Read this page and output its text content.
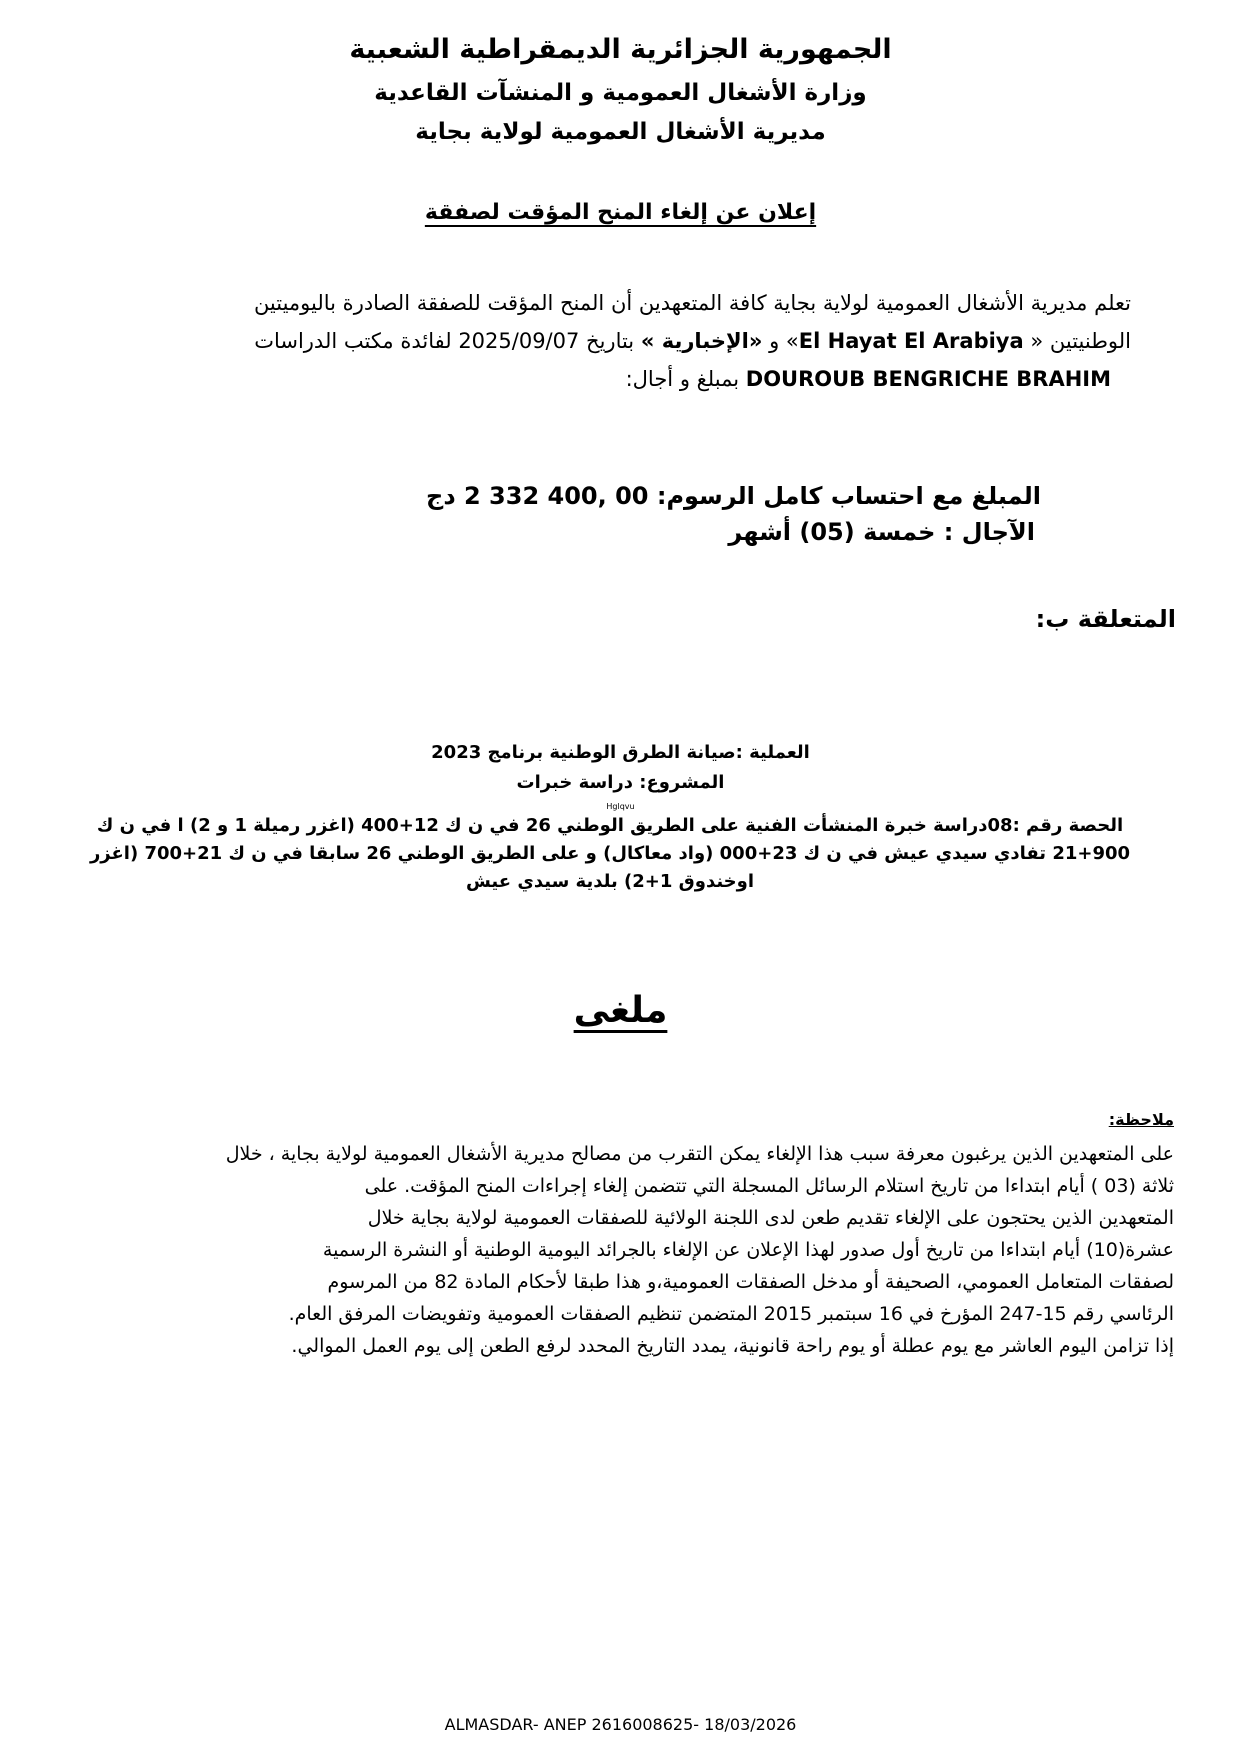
الجمهورية الجزائرية الديمقراطية الشعبية
وزارة الأشغال العمومية و المنشآت القاعدية
مديرية الأشغال العمومية لولاية بجاية
إعلان عن إلغاء المنح المؤقت لصفقة
تعلم مديرية الأشغال العمومية لولاية بجاية كافة المتعهدين أن المنح المؤقت للصفقة الصادرة باليوميتين
الوطنيتين « El Hayat El Arabiya» و «الإخبارية » بتاريخ 2025/09/07 لفائدة مكتب الدراسات
DOUROUB BENGRICHE BRAHIM بمبلغ و أجال:
المبلغ مع احتساب كامل الرسوم: 00 ,400 332 2 دج
الآجال : خمسة (05) أشهر
المتعلقة ب:
العملية :صيانة الطرق الوطنية برنامج 2023
المشروع: دراسة خبرات
Hglqvu
الحصة رقم :08دراسة خبرة المنشأت الفنية على الطريق الوطني 26 في ن ك 12+400 (اغزر رميلة 1 و 2) ا في ن ك
21+900 تفادي سيدي عيش في ن ك 23+000 (واد معاكال) و على الطريق الوطني 26 سابقا في ن ك 21+700 (اغزر
اوخندوق 1+2) بلدية سيدي عيش
ملغى
ملاحظة:
على المتعهدين الذين يرغبون معرفة سبب هذا الإلغاء يمكن التقرب من مصالح مديرية الأشغال العمومية لولاية بجاية ، خلال
ثلاثة (03 ) أيام ابتداءا من تاريخ استلام الرسائل المسجلة التي تتضمن إلغاء إجراءات المنح المؤقت. على
المتعهدين الذين يحتجون على الإلغاء تقديم طعن لدى اللجنة الولائية للصفقات العمومية لولاية بجاية خلال
عشرة(10) أيام ابتداءا من تاريخ أول صدور لهذا الإعلان عن الإلغاء بالجرائد اليومية الوطنية أو النشرة الرسمية
لصفقات المتعامل العمومي، الصحيفة أو مدخل الصفقات العمومية،و هذا طبقا لأحكام المادة 82 من المرسوم
الرئاسي رقم 15-247 المؤرخ في 16 سبتمبر 2015 المتضمن تنظيم الصفقات العمومية وتفويضات المرفق العام.
إذا تزامن اليوم العاشر مع يوم عطلة أو يوم راحة قانونية، يمدد التاريخ المحدد لرفع الطعن إلى يوم العمل الموالي.
ALMASDAR- ANEP 2616008625- 18/03/2026
